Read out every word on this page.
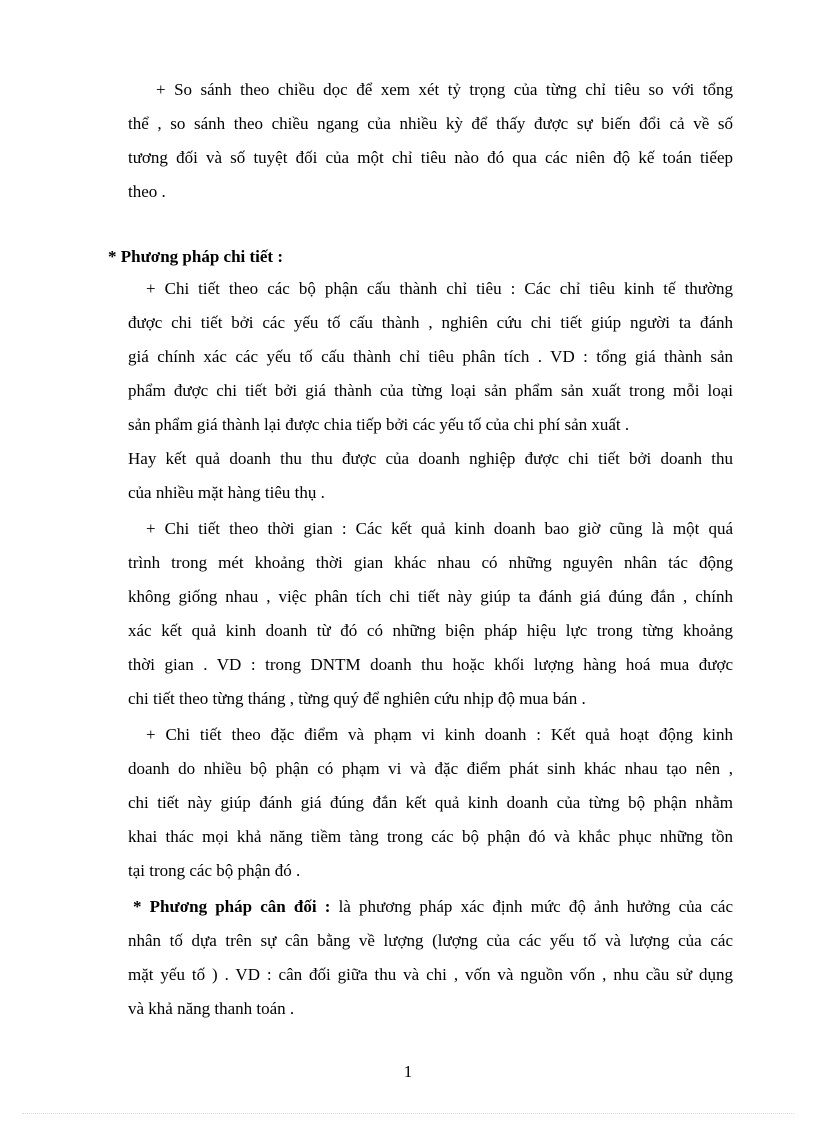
+ So sánh theo chiều dọc để xem xét tỷ trọng của từng chỉ tiêu so với tổng
thể , so sánh theo chiều ngang của nhiều kỳ để thấy được sự biến đổi cả về số
tương đối và số tuyệt đối của một chỉ tiêu nào đó qua các niên độ kế toán tiếep
theo .
* Phương pháp chi tiết :
+ Chi tiết theo các bộ phận cấu thành chỉ tiêu : Các chỉ tiêu kinh tế thường
được chi tiết bởi các yếu tố cấu thành , nghiên cứu chi tiết giúp người ta đánh
giá chính xác các yếu tố cấu thành chỉ tiêu phân tích . VD : tổng giá thành sản
phẩm được chi tiết bởi giá thành của từng loại sản phẩm sản xuất trong mỗi loại
sản phẩm giá thành lại được chia tiếp bởi các yếu tố của chi phí sản xuất .
Hay kết quả doanh thu thu được của doanh nghiệp được chi tiết bởi doanh thu
của nhiều mặt hàng tiêu thụ .
+ Chi tiết theo thời gian : Các kết quả kinh doanh bao giờ cũng là một quá
trình trong mét khoảng thời gian khác nhau có những nguyên nhân tác động
không giống nhau , việc phân tích chi tiết này giúp ta đánh giá đúng đắn , chính
xác kết quả kinh doanh từ đó có những biện pháp hiệu lực trong từng khoảng
thời gian . VD : trong DNTM doanh thu hoặc khối lượng hàng hoá mua được
chi tiết theo từng tháng , từng quý để nghiên cứu nhịp độ mua bán .
+ Chi tiết theo đặc điểm và phạm vi kinh doanh : Kết quả hoạt động kinh
doanh do nhiều bộ phận có phạm vi và đặc điểm phát sinh khác nhau tạo nên ,
chi tiết này giúp đánh giá đúng đắn kết quả kinh doanh của từng bộ phận nhằm
khai thác mọi khả năng tiềm tàng trong các bộ phận đó và khắc phục những tồn
tại trong các bộ phận đó .
* Phương pháp cân đối : là phương pháp xác định mức độ ảnh hưởng của các
nhân tố dựa trên sự cân bằng về lượng (lượng của các yếu tố và lượng của các
mặt yếu tố ) . VD : cân đối giữa thu và chi , vốn và nguồn vốn , nhu cầu sử dụng
và khả năng thanh toán .
1
